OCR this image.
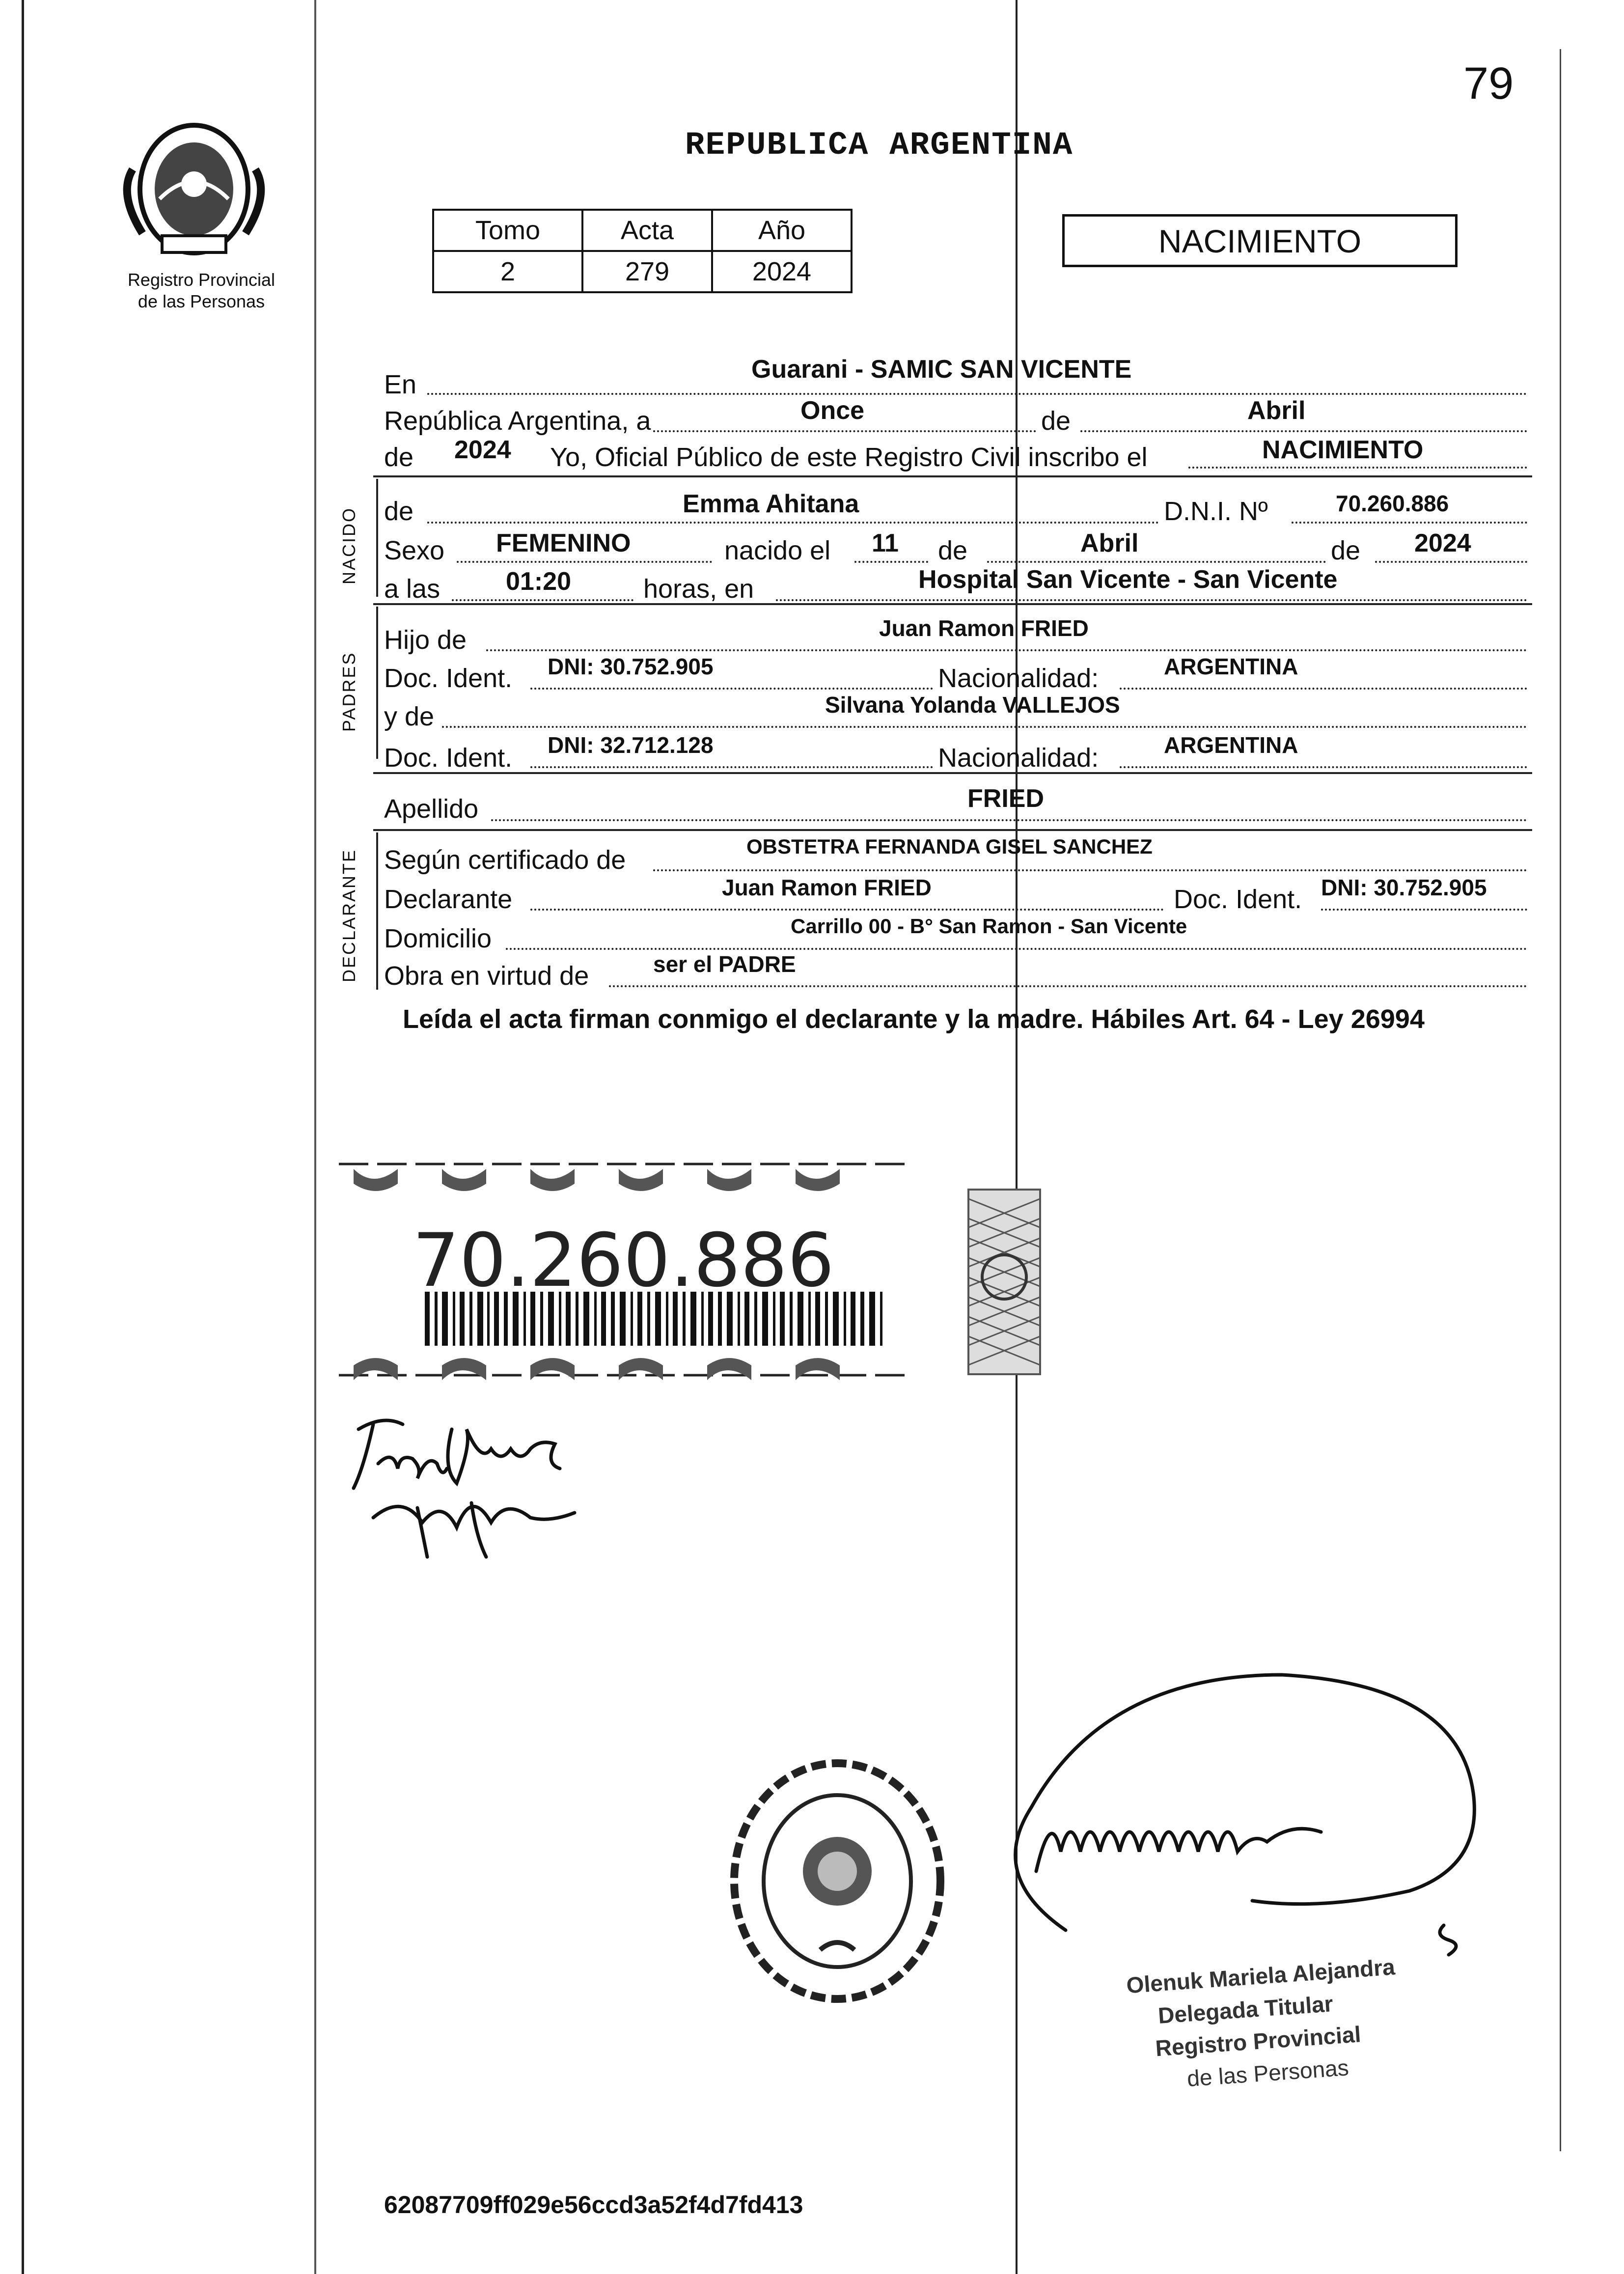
79
Registro Provincial
de las Personas
REPUBLICA ARGENTINA
Tomo	Acta	Año
2	279	2024
NACIMIENTO
En
Guarani - SAMIC SAN VICENTE
República Argentina, a	Once	de	Abril
de 2024 Yo, Oficial Público de este Registro Civil inscribo el	NACIMIENTO
NACIDO de	Emma Ahitana	D.N.I. Nº	70.260.886
Sexo FEMENINO	nacido el 11 de	Abril	de 2024
a las	01:20	horas, en	Hospital San Vicente - San Vicente
PADRES
Hijo de	Juan Ramon FRIED
Doc. Ident. DNI: 30.752.905	Nacionalidad:	ARGENTINA
y de	Silvana Yolanda VALLEJOS
Doc. Ident. DNI: 32.712.128	Nacionalidad:	ARGENTINA
Apellido	FRIED
DECLARANTE Según certificado de	OBSTETRA FERNANDA GISEL SANCHEZ
Declarante	Juan Ramon FRIED	Doc. Ident. DNI: 30.752.905
Domicilio	Carrillo 00 - B° San Ramon - San Vicente
Obra en virtud de	ser el PADRE
Leída el acta firman conmigo el declarante y la madre. Hábiles Art. 64 - Ley 26994
70.260.886
Olenuk Mariela Alejandra
Delegada Titular
Registro Provincial
de las Personas
62087709ff029e56ccd3a52f4d7fd413
